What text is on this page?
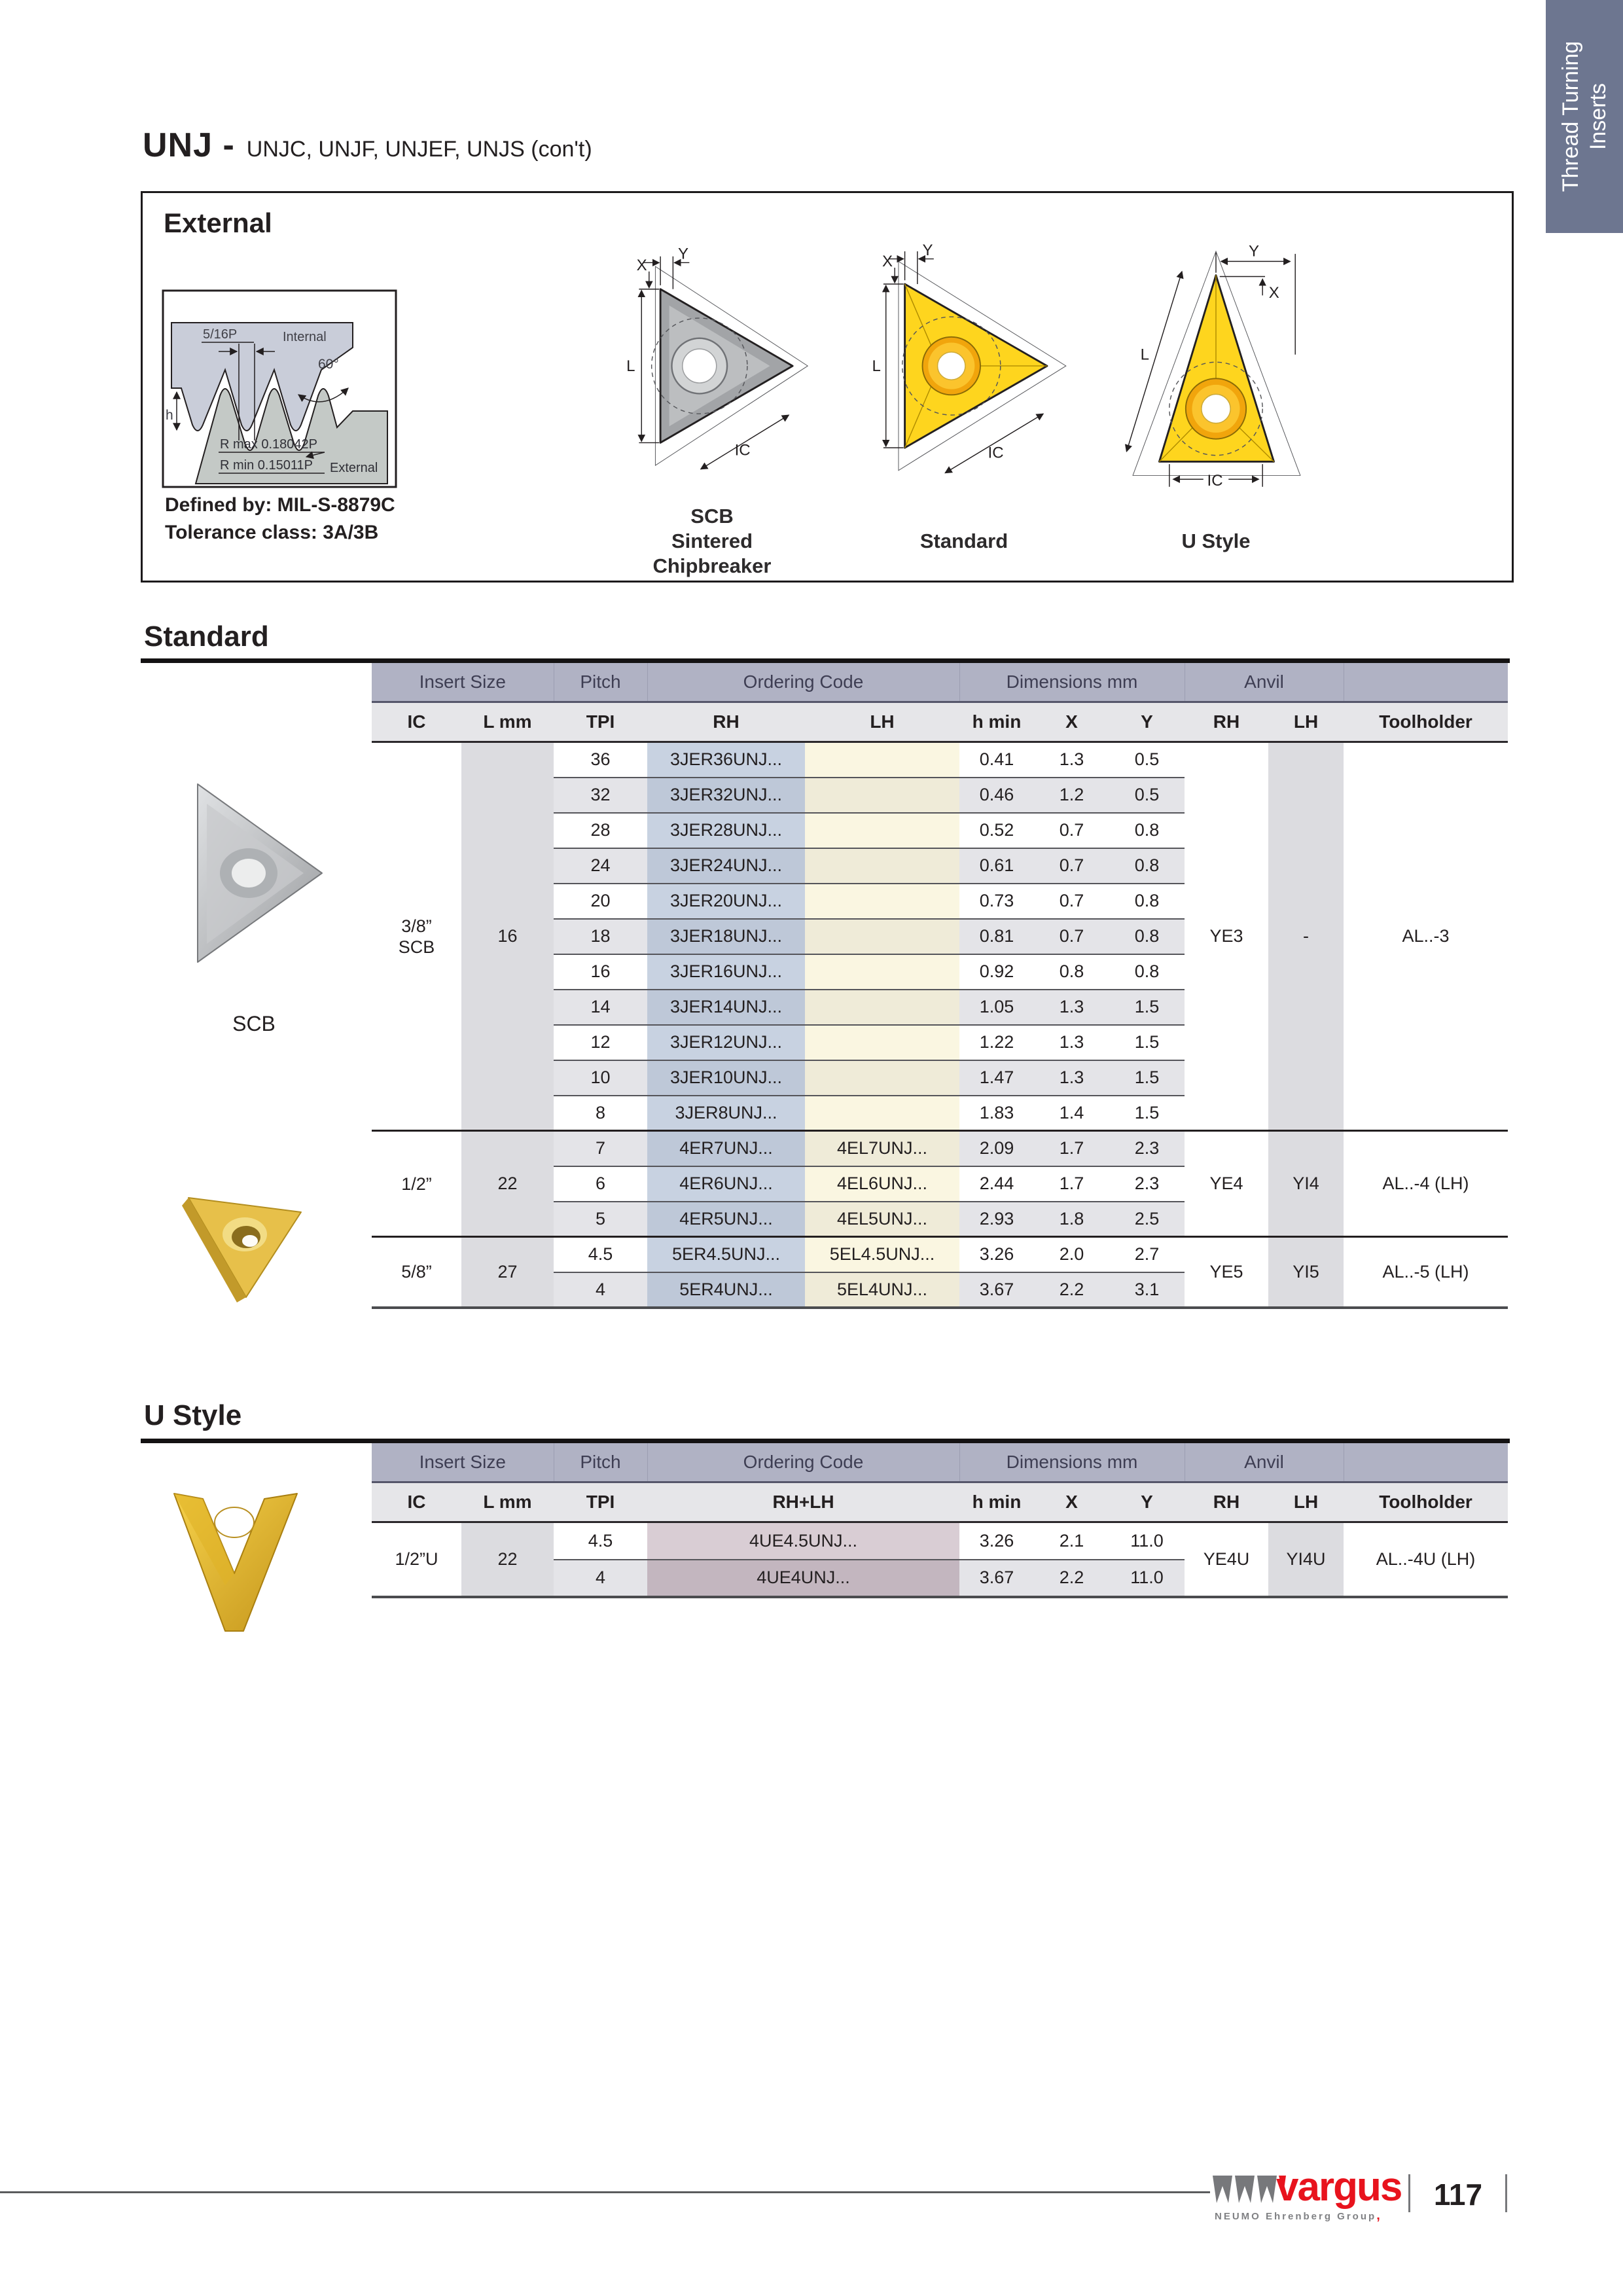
Thread Turning Inserts
UNJ - UNJC, UNJF, UNJEF, UNJS (con't)
External
5/16P	Internal
60°
h
R max 0.18042P
R min 0.15011P External
Defined by: MIL-S-8879C
Tolerance class: 3A/3B
L
Y
X
IC
L
Y
X
IC
Y
X
L
IC
SCB
Sintered
Chipbreaker
Standard	U Style
Standard
SCB
Insert Size		Pitch	Ordering Code		Dimensions mm			Anvil		
IC	L mm	TPI	RH	LH	h min	X	Y	RH	LH	Toolholder

3/8”
SCB	16	36	3JER36UNJ...		0.41	1.3	0.5	YE3	-	AL..-3
		32	3JER32UNJ...		0.46	1.2	0.5			
		28	3JER28UNJ...		0.52	0.7	0.8			
		24	3JER24UNJ...		0.61	0.7	0.8			
		20	3JER20UNJ...		0.73	0.7	0.8			
		18	3JER18UNJ...		0.81	0.7	0.8			
		16	3JER16UNJ...		0.92	0.8	0.8			
		14	3JER14UNJ...		1.05	1.3	1.5			
		12	3JER12UNJ...		1.22	1.3	1.5			
		10	3JER10UNJ...		1.47	1.3	1.5			
		8	3JER8UNJ...		1.83	1.4	1.5			

1/2”	22	7	4ER7UNJ...	4EL7UNJ...	2.09	1.7	2.3	YE4	YI4	AL..-4 (LH)
		6	4ER6UNJ...	4EL6UNJ...	2.44	1.7	2.3			
		5	4ER5UNJ...	4EL5UNJ...	2.93	1.8	2.5			

5/8”	27	4.5	5ER4.5UNJ...	5EL4.5UNJ...	3.26	2.0	2.7	YE5	YI5	AL..-5 (LH)
		4	5ER4UNJ...	5EL4UNJ...	3.67	2.2	3.1			
U Style
Insert Size		Pitch	Ordering Code	Dimensions mm			Anvil		
IC	L mm	TPI	RH+LH	h min	X	Y	RH	LH	Toolholder

1/2”U	22	4.5	4UE4.5UNJ...	3.26	2.1	11.0	YE4U	YI4U	AL..-4U (LH)
		4	4UE4UNJ...	3.67	2.2	11.0			
vargus
NEUMO Ehrenberg Group,
117
